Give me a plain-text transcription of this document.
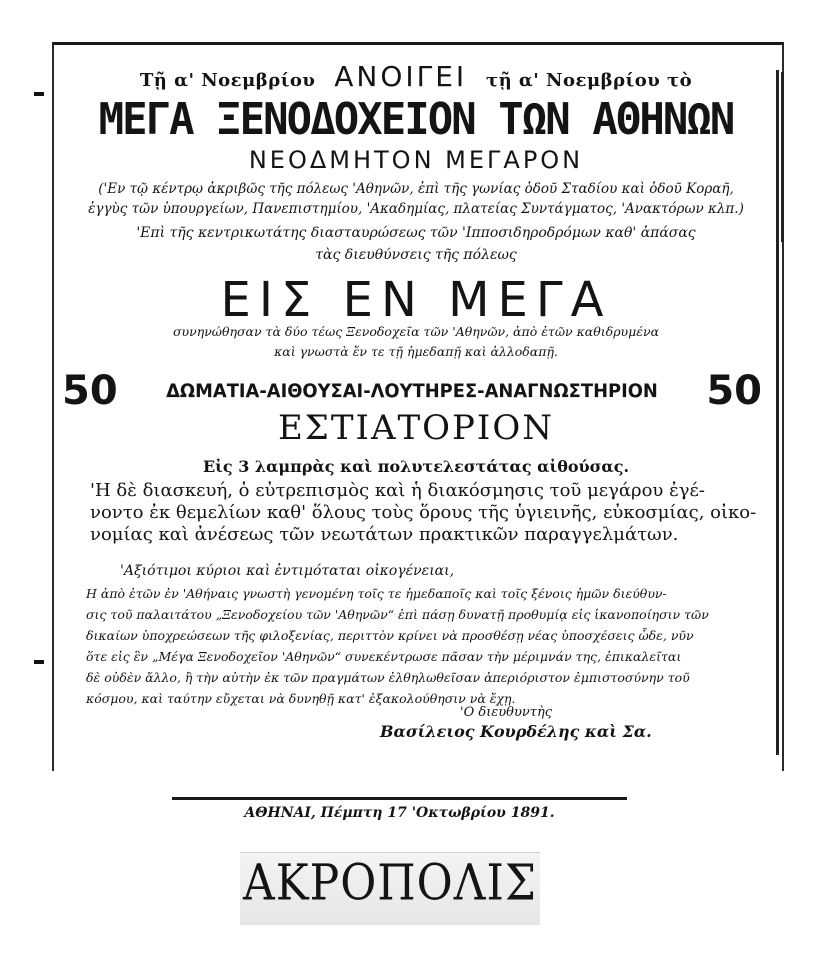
Τῇ α' Νοεμβρίου ΑΝΟΙΓΕΙ τῇ α' Νοεμβρίου τὸ
ΜΕΓΑ ΞΕΝΟΔΟΧΕΙΟΝ ΤΩΝ ΑΘΗΝΩΝ
ΝΕΟΔΜΗΤΟΝ ΜΕΓΑΡΟΝ
('Εν τῷ κέντρῳ ἀκριβῶς τῆς πόλεως 'Αθηνῶν, ἐπὶ τῆς γωνίας ὁδοῦ Σταδίου καὶ ὁδοῦ Κοραῆ,
ἐγγὺς τῶν ὑπουργείων, Πανεπιστημίου, 'Ακαδημίας, πλατείας Συντάγματος, 'Ανακτόρων κλπ.)
'Επὶ τῆς κεντρικωτάτης διασταυρώσεως τῶν 'Ιπποσιδηροδρόμων καθ' ἁπάσας
τὰς διευθύνσεις τῆς πόλεως
ΕΙΣ ΕΝ ΜΕΓΑ
συνηνώθησαν τὰ δύο τέως Ξενοδοχεῖα τῶν 'Αθηνῶν, ἀπὸ ἐτῶν καθιδρυμένα
καὶ γνωστὰ ἔν τε τῇ ἡμεδαπῇ καὶ ἀλλοδαπῇ.
50	ΔΩΜΑΤΙΑ-ΑΙΘΟΥΣΑΙ-ΛΟΥΤΗΡΕΣ-ΑΝΑΓΝΩΣΤΗΡΙΟΝ	50
ΕΣΤΙΑΤΟΡΙΟΝ
Εἰς 3 λαμπρὰς καὶ πολυτελεστάτας αἰθούσας.
'Η δὲ διασκευή, ὁ εὐτρεπισμὸς καὶ ἡ διακόσμησις τοῦ μεγάρου ἐγέ-
νοντο ἐκ θεμελίων καθ' ὅλους τοὺς ὅρους τῆς ὑγιεινῆς, εὐκοσμίας, οἰκο-
νομίας καὶ ἀνέσεως τῶν νεωτάτων πρακτικῶν παραγγελμάτων.
'Αξιότιμοι κύριοι καὶ ἐντιμόταται οἰκογένειαι,
Η ἀπὸ ἐτῶν ἐν 'Αθήναις γνωστὴ γενομένη τοῖς τε ἡμεδαποῖς καὶ τοῖς ξένοις ἡμῶν διεύθυν-
σις τοῦ παλαιτάτου „Ξενοδοχείου τῶν 'Αθηνῶν“ ἐπὶ πάσῃ δυνατῇ προθυμίᾳ εἰς ἱκανοποίησιν τῶν
δικαίων ὑποχρεώσεων τῆς φιλοξενίας, περιττὸν κρίνει νὰ προσθέσῃ νέας ὑποσχέσεις ὧδε, νῦν
ὅτε εἰς ἓν „Μέγα Ξενοδοχεῖον 'Αθηνῶν“ συνεκέντρωσε πᾶσαν τὴν μέριμνάν της, ἐπικαλεῖται
δὲ οὐδὲν ἄλλο, ἢ τὴν αὐτὴν ἐκ τῶν πραγμάτων ἐλθηλωθεῖσαν ἀπεριόριστον ἐμπιστοσύνην τοῦ
κόσμου, καὶ ταύτην εὔχεται νὰ δυνηθῇ κατ' ἐξακολούθησιν νὰ ἔχῃ.
'Ο διευθυντὴς
Βασίλειος Κουρδέλης καὶ Σα.
ΑΘΗΝΑΙ, Πέμπτη 17 'Οκτωβρίου 1891.
ΑΚΡΟΠΟΛΙΣ
